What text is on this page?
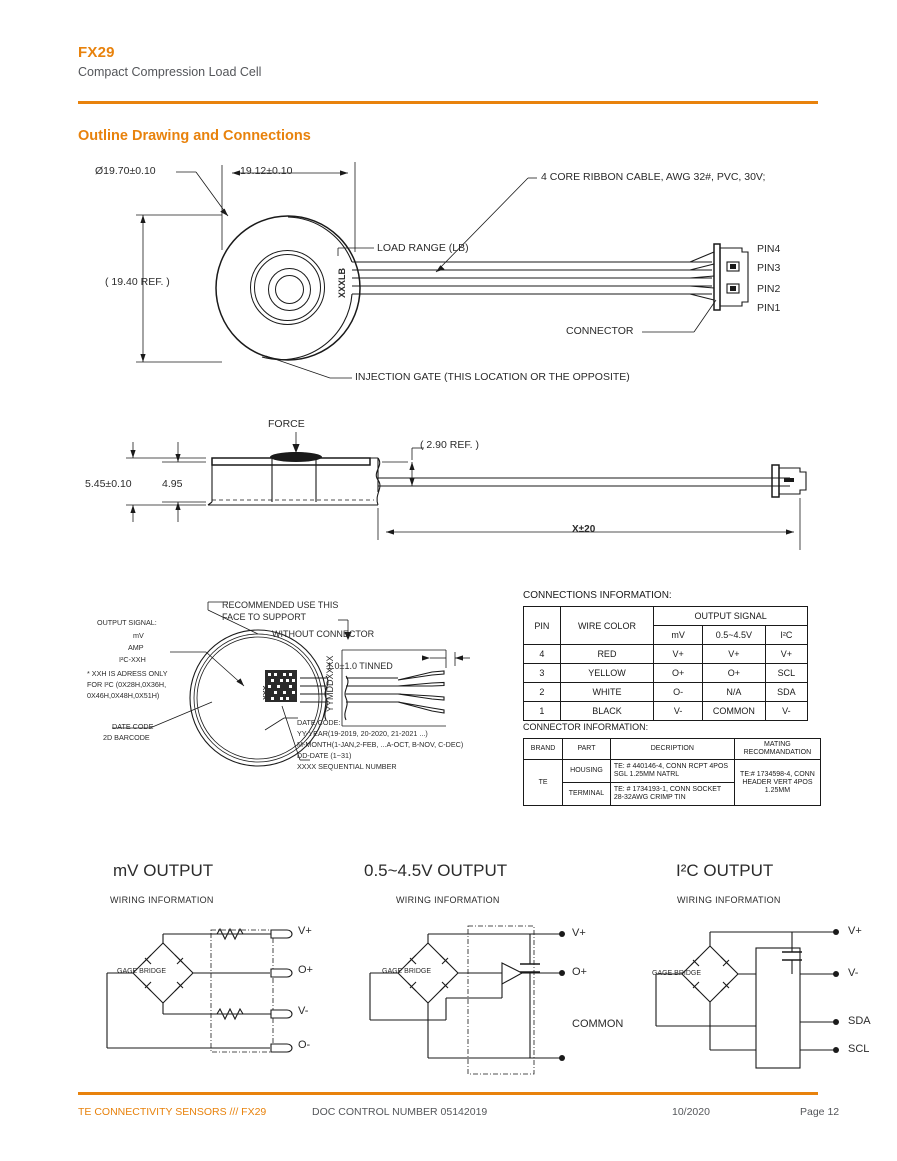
FX29
Compact Compression Load Cell
Outline Drawing and Connections
Ø19.70±0.10	19.12±0.10
( 19.40 REF. )	XXXLB
LOAD RANGE (LB)
4 CORE RIBBON CABLE, AWG 32#, PVC, 30V;
CONNECTOR
INJECTION GATE (THIS LOCATION OR THE OPPOSITE)
PIN4
PIN3
PIN2
PIN1
FORCE
5.45±0.10	4.95
( 2.90 REF. )
X±20
OUTPUT SIGNAL:
mV
AMP
I²C-XXH
* XXH IS ADRESS ONLY
FOR I²C (0X28H,0X36H,
0X46H,0X48H,0X51H)
RECOMMENDED USE THIS
FACE TO SUPPORT
WITHOUT CONNECTOR
1.0±1.0 TINNED
XXX	YYMDDXXXX
DATE CODE
2D BARCODE
DATE CODE:
YY-YEAR(19-2019, 20-2020, 21-2021 ...)
M-MONTH(1-JAN,2-FEB, ...A-OCT, B-NOV, C-DEC)
DD-DATE (1~31)
XXXX SEQUENTIAL NUMBER
CONNECTIONS INFORMATION:
PIN	WIRE COLOR	OUTPUT SIGNAL		
		mV	0.5~4.5V	I²C
4	RED	V+	V+	V+
3	YELLOW	O+	O+	SCL
2	WHITE	O-	N/A	SDA
1	BLACK	V-	COMMON	V-
CONNECTOR INFORMATION:
BRAND	PART	DECRIPTION	MATING RECOMMANDATION
TE	HOUSING	TE: # 440146-4, CONN RCPT 4POS SGL 1.25MM NATRL	TE:# 1734598-4, CONN HEADER VERT 4POS 1.25MM
	TERMINAL	TE: # 1734193-1, CONN SOCKET 28-32AWG CRIMP TIN	
mV OUTPUT
WIRING INFORMATION
GAGE BRIDGE
V+
O+
V-
O-
0.5~4.5V OUTPUT
WIRING INFORMATION
GAGE BRIDGE
V+
O+
COMMON
I²C OUTPUT
WIRING INFORMATION
GAGE BRIDGE
V+
V-
SDA
SCL
TE CONNECTIVITY SENSORS /// FX29	DOC CONTROL NUMBER 05142019	10/2020	Page 12
